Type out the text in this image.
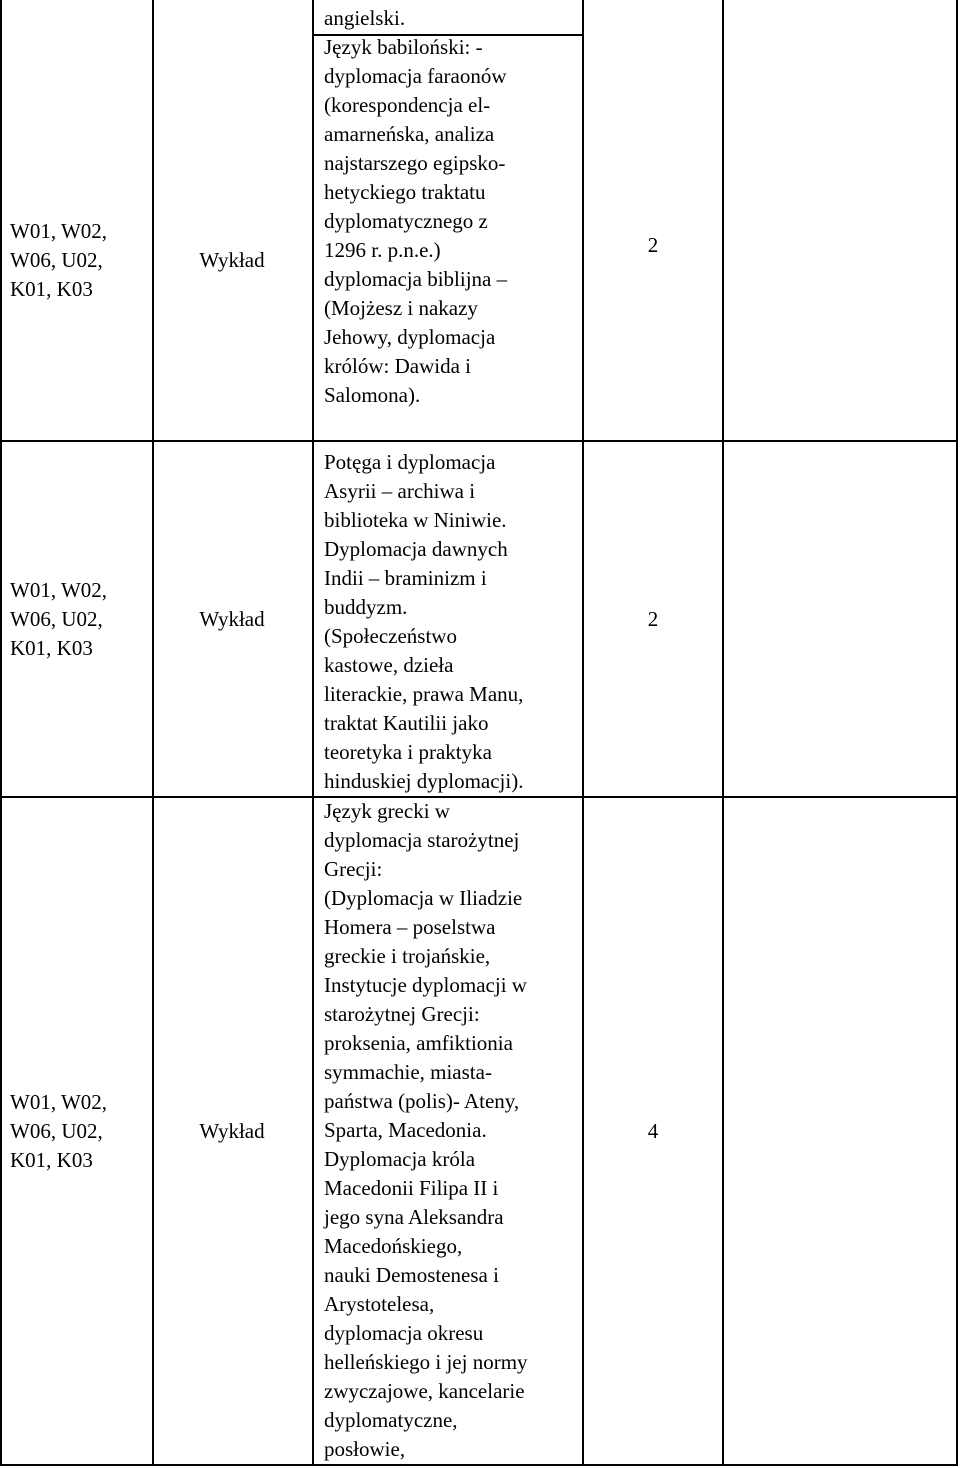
W01, W02,
W06, U02,
K01, K03
Wykład
angielski.
Język babiloński: -
dyplomacja faraonów
(korespondencja el-
amarneńska, analiza
najstarszego egipsko-
hetyckiego traktatu
dyplomatycznego z
1296 r. p.n.e.)
dyplomacja biblijna –
(Mojżesz i nakazy
Jehowy, dyplomacja
królów: Dawida i
Salomona).
2
W01, W02,
W06, U02,
K01, K03
Wykład
Potęga i dyplomacja
Asyrii – archiwa i
biblioteka w Niniwie.
Dyplomacja dawnych
Indii – braminizm i
buddyzm.
(Społeczeństwo
kastowe, dzieła
literackie, prawa Manu,
traktat Kautilii jako
teoretyka i praktyka
hinduskiej dyplomacji).
2
W01, W02,
W06, U02,
K01, K03
Wykład
Język grecki w
dyplomacja starożytnej
Grecji:
(Dyplomacja w Iliadzie
Homera – poselstwa
greckie i trojańskie,
Instytucje dyplomacji w
starożytnej Grecji:
proksenia, amfiktionia
symmachie, miasta-
państwa (polis)- Ateny,
Sparta, Macedonia.
Dyplomacja króla
Macedonii Filipa II i
jego syna Aleksandra
Macedońskiego,
nauki Demostenesa i
Arystotelesa,
dyplomacja okresu
helleńskiego i jej normy
zwyczajowe, kancelarie
dyplomatyczne,
posłowie,
4
